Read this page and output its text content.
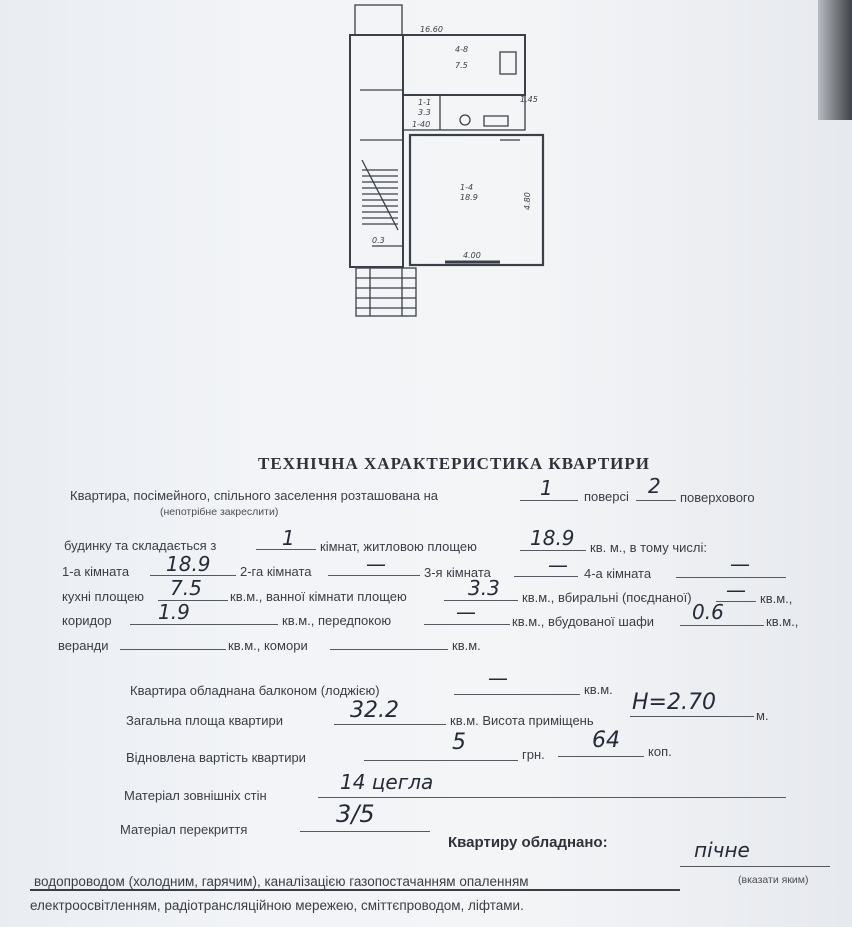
16.60
4-8
7.5
1-1
3.3
1-40
1-4
18.9
0.3
4.80
4.00
1.45
ТЕХНІЧНА ХАРАКТЕРИСТИКА КВАРТИРИ
Квартира, посімейного, спільного заселення розташована на	1 поверсі 2 поверхового
(непотрібне закреслити)
будинку та складається з	1 кімнат, житловою площею	18.9 кв. м., в тому числі:
1-а кімната 18.9 2-га кімната	—	3-я кімната	— 4-а кімната	—
кухні площею 7.5 кв.м., ванної кімнати площею	3.3 кв.м., вбиральні (поєднаної) — кв.м.,
коридор 1.9	кв.м., передпокою	—	кв.м., вбудованої шафи 0.6	кв.м.,
веранди	кв.м., комори	кв.м.
Квартира обладнана балконом (лоджією)
—	кв.м.
Загальна площа квартири	32.2	кв.м. Висота приміщень
H=2.70
м.
Відновлена вартість квартири
5	грн.
64 коп.
Матеріал зовнішніх стін
14 цегла
Матеріал перекриття
3/5
Квартиру обладнано:
водопроводом (холодним, гарячим), каналізацією газопостачанням опаленням
пічне
(вказати яким)
електроосвітленням, радіотрансляційною мережею, сміттєпроводом, ліфтами.
